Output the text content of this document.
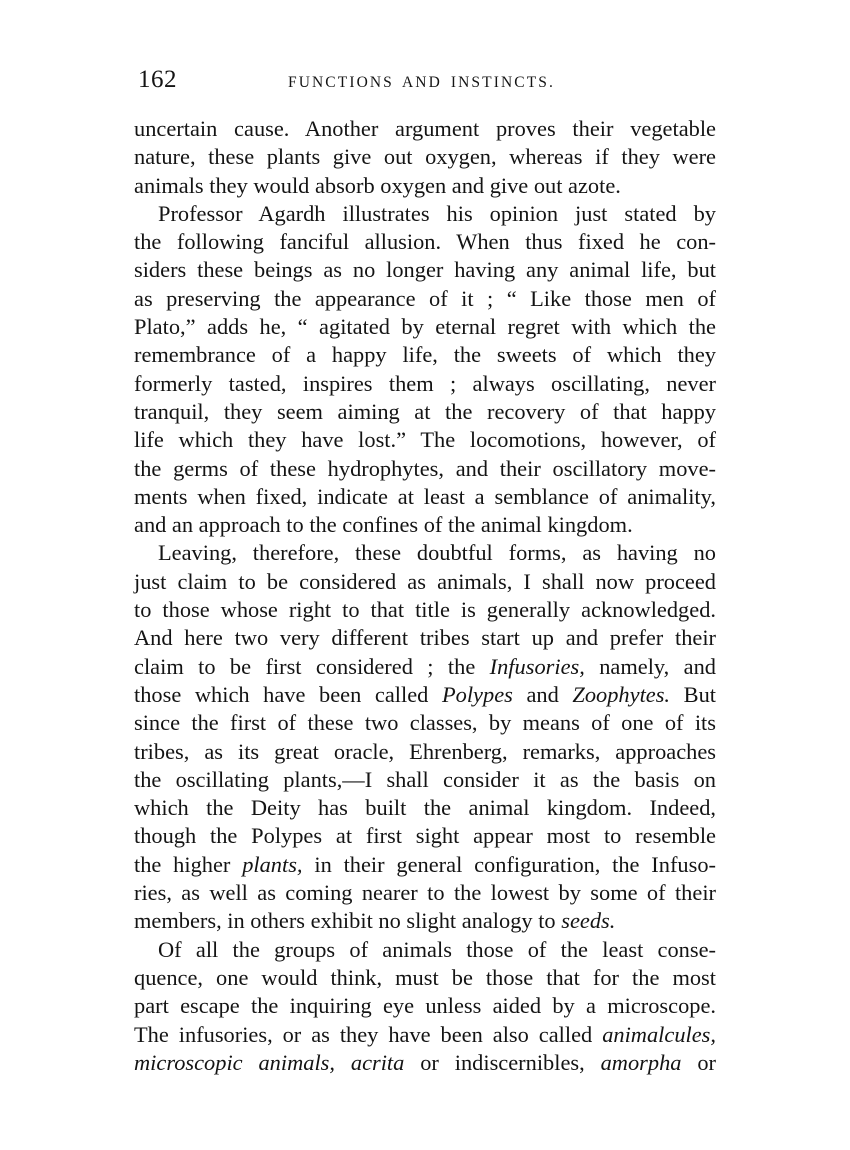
162	FUNCTIONS AND INSTINCTS.
uncertain cause. Another argument proves their vegetable
nature, these plants give out oxygen, whereas if they were
animals they would absorb oxygen and give out azote.
Professor Agardh illustrates his opinion just stated by
the following fanciful allusion. When thus fixed he con-
siders these beings as no longer having any animal life, but
as preserving the appearance of it ; “ Like those men of
Plato,” adds he, “ agitated by eternal regret with which the
remembrance of a happy life, the sweets of which they
formerly tasted, inspires them ; always oscillating, never
tranquil, they seem aiming at the recovery of that happy
life which they have lost.” The locomotions, however, of
the germs of these hydrophytes, and their oscillatory move-
ments when fixed, indicate at least a semblance of animality,
and an approach to the confines of the animal kingdom.
Leaving, therefore, these doubtful forms, as having no
just claim to be considered as animals, I shall now proceed
to those whose right to that title is generally acknowledged.
And here two very different tribes start up and prefer their
claim to be first considered ; the Infusories, namely, and
those which have been called Polypes and Zoophytes. But
since the first of these two classes, by means of one of its
tribes, as its great oracle, Ehrenberg, remarks, approaches
the oscillating plants,—I shall consider it as the basis on
which the Deity has built the animal kingdom. Indeed,
though the Polypes at first sight appear most to resemble
the higher plants, in their general configuration, the Infuso-
ries, as well as coming nearer to the lowest by some of their
members, in others exhibit no slight analogy to seeds.
Of all the groups of animals those of the least conse-
quence, one would think, must be those that for the most
part escape the inquiring eye unless aided by a microscope.
The infusories, or as they have been also called animalcules,
microscopic animals, acrita or indiscernibles, amorpha or
